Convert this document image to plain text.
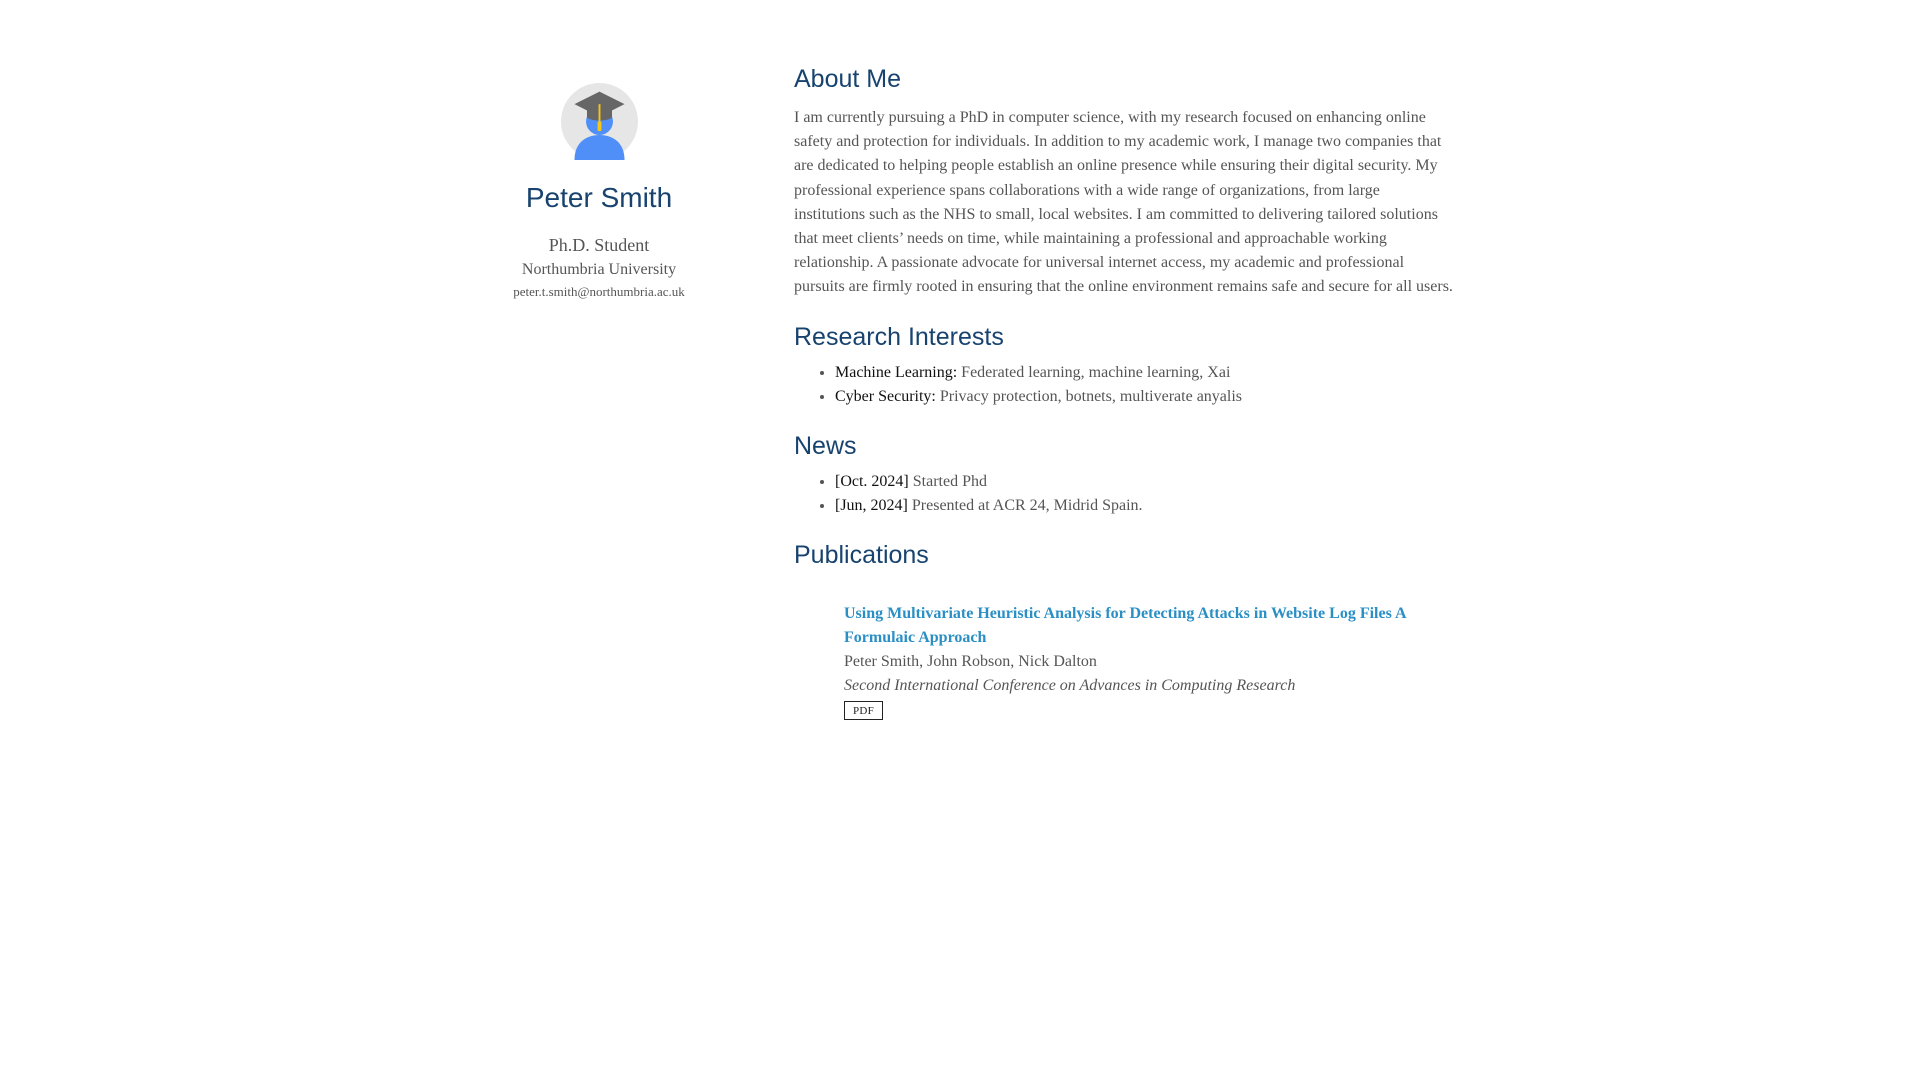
Peter Smith
Ph.D. Student
Northumbria University
peter.t.smith@northumbria.ac.uk
About Me

I am currently pursuing a PhD in computer science, with my research focused on enhancing online safety and protection for individuals. In addition to my academic work, I manage two companies that are dedicated to helping people establish an online presence while ensuring their digital security. My professional experience spans collaborations with a wide range of organizations, from large institutions such as the NHS to small, local websites. I am committed to delivering tailored solutions that meet clients’ needs on time, while maintaining a professional and approachable working relationship. A passionate advocate for universal internet access, my academic and professional pursuits are firmly rooted in ensuring that the online environment remains safe and secure for all users.

Research Interests
• Machine Learning: Federated learning, machine learning, Xai
• Cyber Security: Privacy protection, botnets, multiverate anyalis
News
• [Oct. 2024] Started Phd
• [Jun, 2024] Presented at ACR 24, Midrid Spain.
Publications
Using Multivariate Heuristic Analysis for Detecting Attacks in Website Log Files A Formulaic Approach
Peter Smith, John Robson, Nick Dalton
Second International Conference on Advances in Computing Research
PDF
